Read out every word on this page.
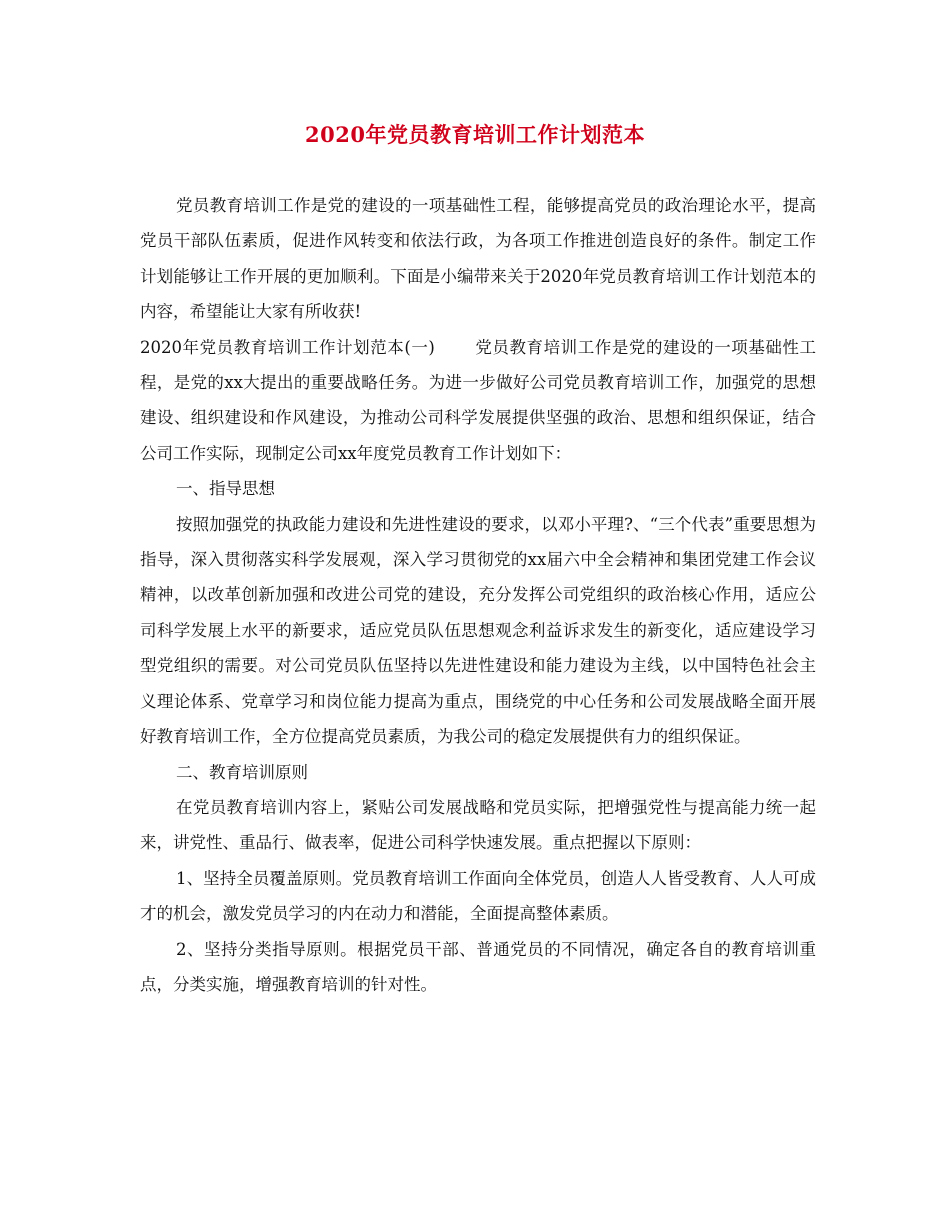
2020年党员教育培训工作计划范本

党员教育培训工作是党的建设的一项基础性工程，能够提高党员的政治理论水平，提高党员干部队伍素质，促进作风转变和依法行政，为各项工作推进创造良好的条件。制定工作计划能够让工作开展的更加顺利。下面是小编带来关于2020年党员教育培训工作计划范本的内容，希望能让大家有所收获!

2020年党员教育培训工作计划范本(一) 党员教育培训工作是党的建设的一项基础性工程，是党的xx大提出的重要战略任务。为进一步做好公司党员教育培训工作，加强党的思想建设、组织建设和作风建设，为推动公司科学发展提供坚强的政治、思想和组织保证，结合公司工作实际，现制定公司xx年度党员教育工作计划如下：

一、指导思想

按照加强党的执政能力建设和先进性建设的要求，以邓小平理?、“三个代表”重要思想为指导，深入贯彻落实科学发展观，深入学习贯彻党的xx届六中全会精神和集团党建工作会议精神，以改革创新加强和改进公司党的建设，充分发挥公司党组织的政治核心作用，适应公司科学发展上水平的新要求，适应党员队伍思想观念利益诉求发生的新变化，适应建设学习型党组织的需要。对公司党员队伍坚持以先进性建设和能力建设为主线，以中国特色社会主义理论体系、党章学习和岗位能力提高为重点，围绕党的中心任务和公司发展战略全面开展好教育培训工作，全方位提高党员素质，为我公司的稳定发展提供有力的组织保证。

二、教育培训原则

在党员教育培训内容上，紧贴公司发展战略和党员实际，把增强党性与提高能力统一起来，讲党性、重品行、做表率，促进公司科学快速发展。重点把握以下原则：

1、坚持全员覆盖原则。党员教育培训工作面向全体党员，创造人人皆受教育、人人可成才的机会，激发党员学习的内在动力和潜能，全面提高整体素质。

2、坚持分类指导原则。根据党员干部、普通党员的不同情况，确定各自的教育培训重点，分类实施，增强教育培训的针对性。
